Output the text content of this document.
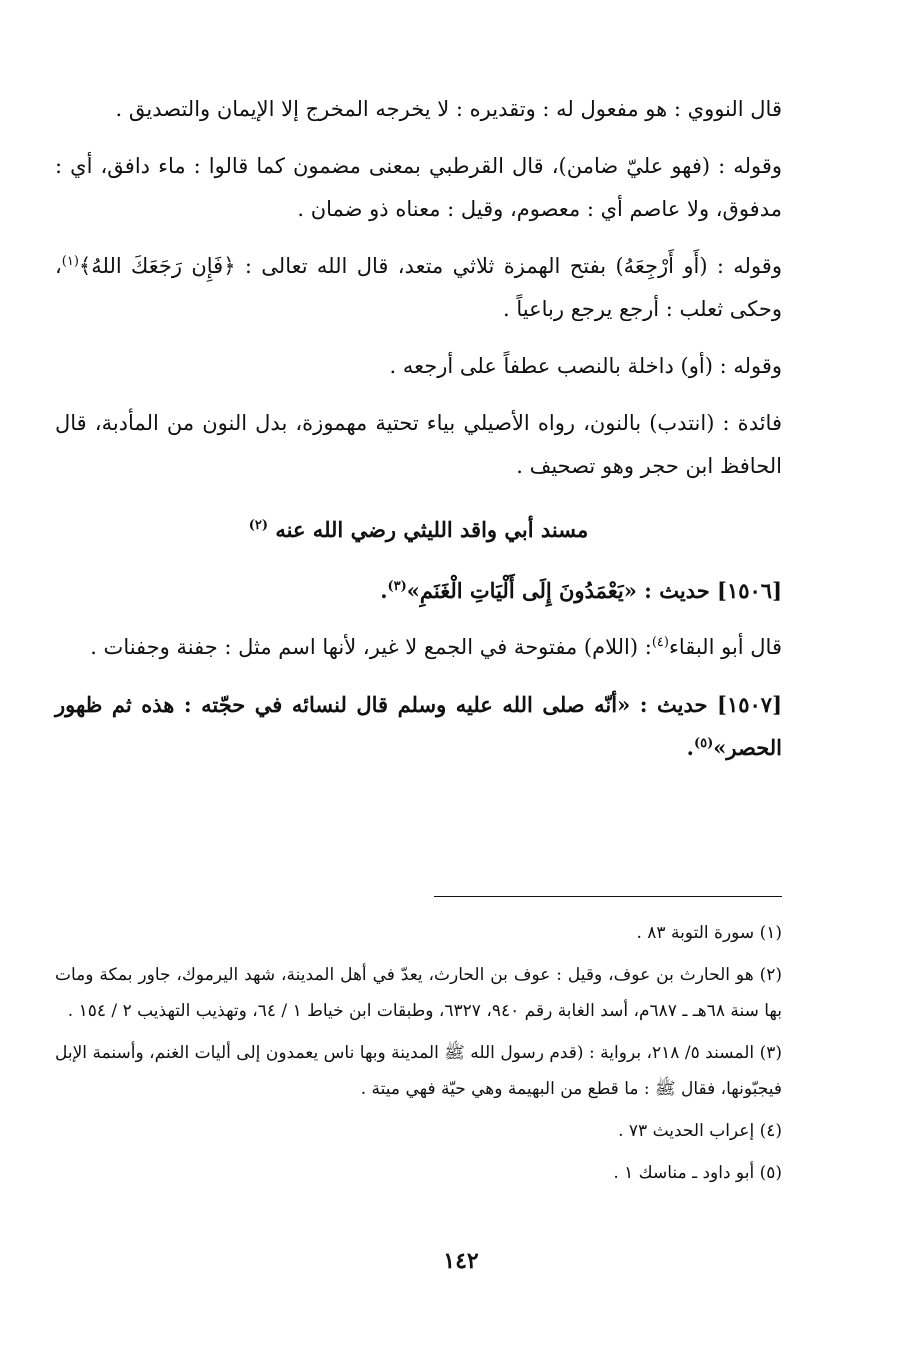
قال النووي : هو مفعول له : وتقديره : لا يخرجه المخرج إلا الإيمان والتصديق .

وقوله : (فهو عليّ ضامن)، قال القرطبي بمعنى مضمون كما قالوا : ماء دافق، أي : مدفوق، ولا عاصم أي : معصوم، وقيل : معناه ذو ضمان .

وقوله : (أَو أَرْجِعَهُ) بفتح الهمزة ثلاثي متعد، قال الله تعالى : ﴿فَإِن رَجَعَكَ اللهُ﴾$^{(١)}$، وحكى ثعلب : أرجع يرجع رباعياً .

وقوله : (أو) داخلة بالنصب عطفاً على أرجعه .

فائدة : (انتدب) بالنون، رواه الأصيلي بياء تحتية مهموزة، بدل النون من المأدبة، قال الحافظ ابن حجر وهو تصحيف .

مسند أبي واقد الليثي رضي الله عنه $^{(٢)}$

[١٥٠٦] حديث : «يَعْمَدُونَ إِلَى أَلْيَاتِ الْغَنَمِ»$^{(٣)}$.

قال أبو البقاء$^{(٤)}$: (اللام) مفتوحة في الجمع لا غير، لأنها اسم مثل : جفنة وجفنات .

[١٥٠٧] حديث : «أنّه صلى الله عليه وسلم قال لنسائه في حجّته : هذه ثم ظهور الحصر»$^{(٥)}$.

(١) سورة التوبة ٨٣ .

(٢) هو الحارث بن عوف، وقيل : عوف بن الحارث، يعدّ في أهل المدينة، شهد اليرموك، جاور بمكة ومات بها سنة ٦٨هـ ـ ٦٨٧م، أسد الغابة رقم ٩٤٠، ٦٣٢٧، وطبقات ابن خياط ١ / ٦٤، وتهذيب التهذيب ٢ / ١٥٤ .

(٣) المسند ٥/ ٢١٨، برواية : (قدم رسول الله ﷺ المدينة وبها ناس يعمدون إلى أليات الغنم، وأسنمة الإبل فيجبّونها، فقال ﷺ : ما قطع من البهيمة وهي حيّة فهي ميتة .

(٤) إعراب الحديث ٧٣ .

(٥) أبو داود ـ مناسك ١ .

١٤٢
